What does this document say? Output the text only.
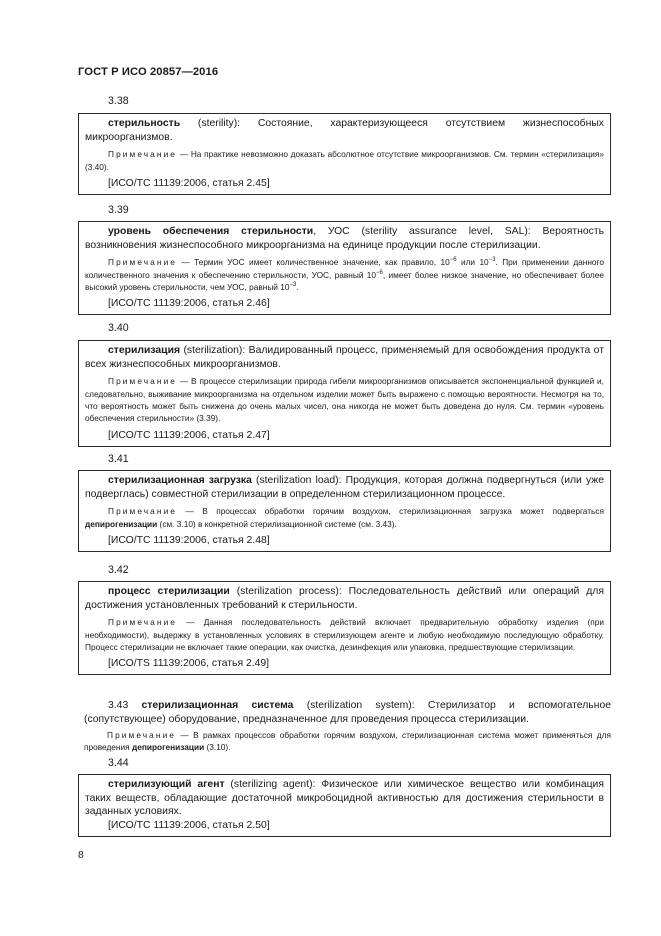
ГОСТ Р ИСО 20857—2016
3.38

стерильность (sterility): Состояние, характеризующееся отсутствием жизнеспособных микроорганизмов.

Примечание — На практике невозможно доказать абсолютное отсутствие микроорганизмов. См. термин «стерилизация» (3.40).

[ИСО/ТС 11139:2006, статья 2.45]

3.39

уровень обеспечения стерильности, УОС (sterility assurance level, SAL): Вероятность возникновения жизнеспособного микроорганизма на единице продукции после стерилизации.

Примечание — Термин УОС имеет количественное значение, как правило, $10^{-6}$ или $10^{-3}$. При применении данного количественного значения к обеспечению стерильности, УОС, равный $10^{-6}$, имеет более низкое значение, но обеспечивает более высокий уровень стерильности, чем УОС, равный $10^{-3}$.

[ИСО/ТС 11139:2006, статья 2.46]

3.40

стерилизация (sterilization): Валидированный процесс, применяемый для освобождения продукта от всех жизнеспособных микроорганизмов.

Примечание — В процессе стерилизации природа гибели микроорганизмов описывается экспоненциальной функцией и, следовательно, выживание микроорганизма на отдельном изделии может быть выражено с помощью вероятности. Несмотря на то, что вероятность может быть снижена до очень малых чисел, она никогда не может быть доведена до нуля. См. термин «уровень обеспечения стерильности» (3.39).

[ИСО/ТС 11139:2006, статья 2.47]

3.41

стерилизационная загрузка (sterilization load): Продукция, которая должна подвергнуться (или уже подверглась) совместной стерилизации в определенном стерилизационном процессе.

Примечание — В процессах обработки горячим воздухом, стерилизационная загрузка может подвергаться депирогенизации (см. 3.10) в конкретной стерилизационной системе (см. 3.43).

[ИСО/ТС 11139:2006, статья 2.48]

3.42

процесс стерилизации (sterilization process): Последовательность действий или операций для достижения установленных требований к стерильности.

Примечание — Данная последовательность действий включает предварительную обработку изделия (при необходимости), выдержку в установленных условиях в стерилизующем агенте и любую необходимую последующую обработку. Процесс стерилизации не включает такие операции, как очистка, дезинфекция или упаковка, предшествующие стерилизации.

[ИСО/TS 11139:2006, статья 2.49]

3.43 стерилизационная система (sterilization system): Стерилизатор и вспомогательное (сопутствующее) оборудование, предназначенное для проведения процесса стерилизации.

Примечание — В рамках процессов обработки горячим воздухом, стерилизационная система может применяться для проведения депирогенизации (3.10).

3.44

стерилизующий агент (sterilizing agent): Физическое или химическое вещество или комбинация таких веществ, обладающие достаточной микробоцидной активностью для достижения стерильности в заданных условиях.

[ИСО/ТС 11139:2006, статья 2.50]

8
